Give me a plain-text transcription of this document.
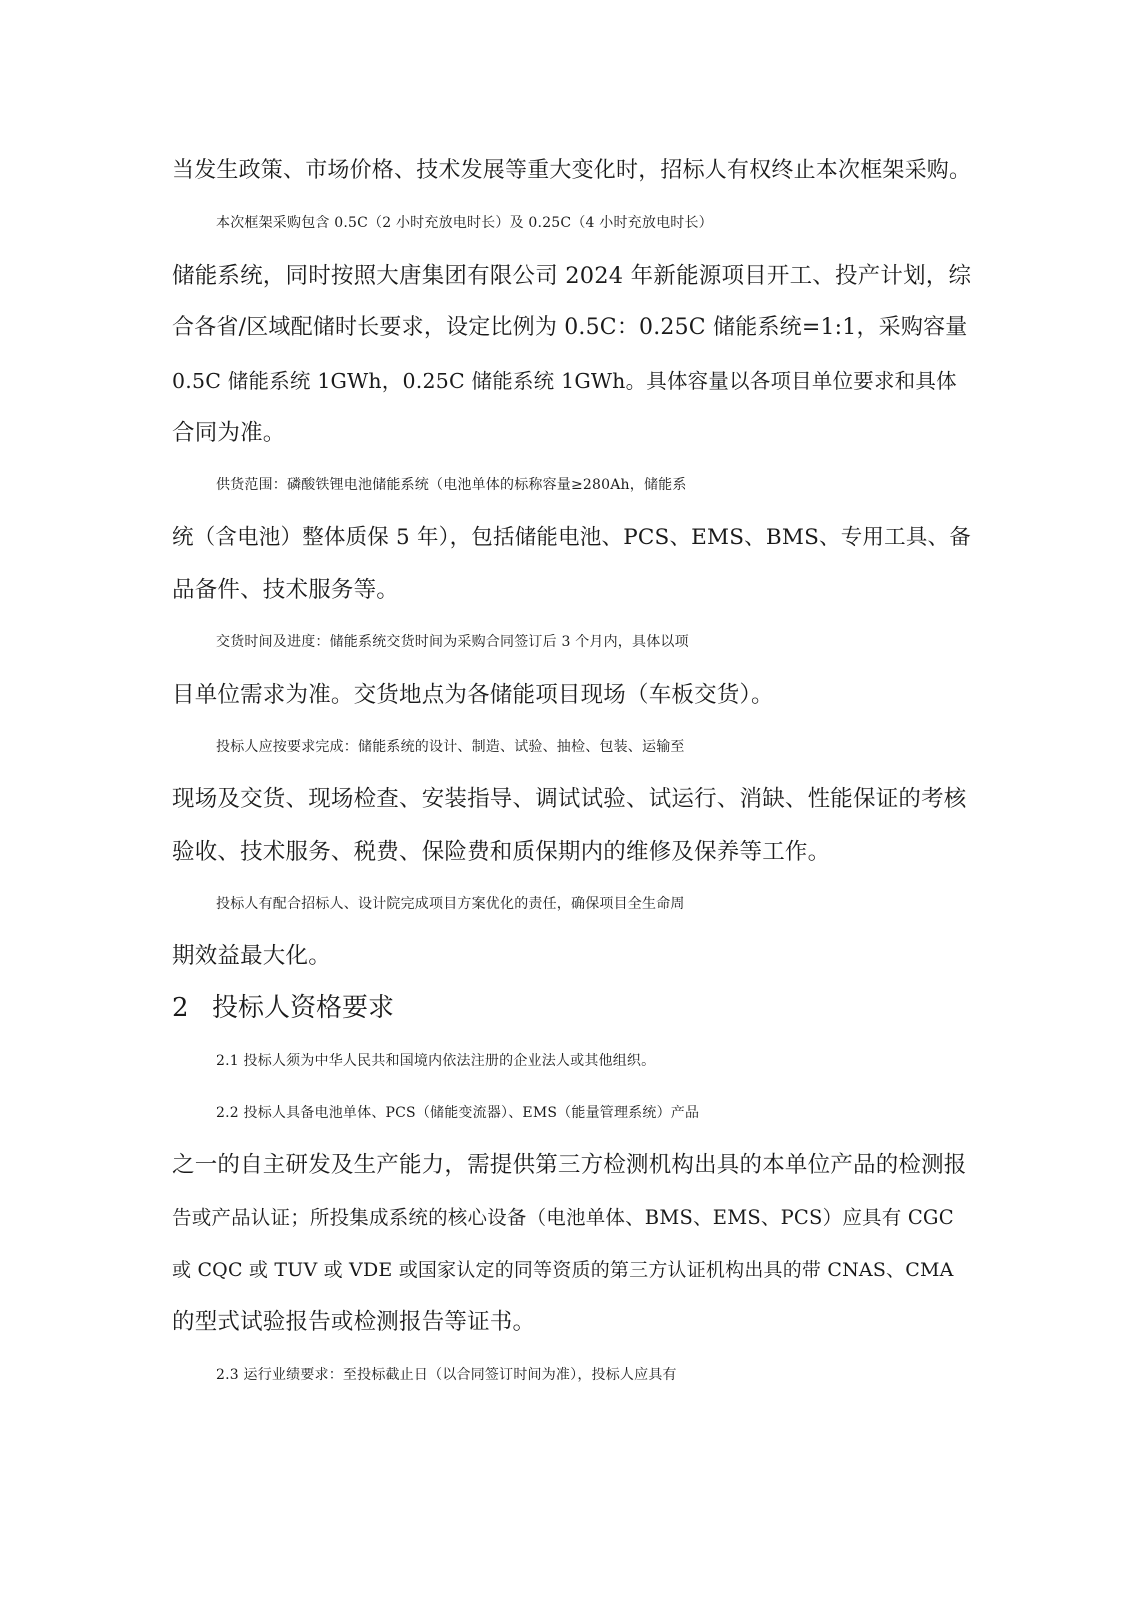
当发生政策、市场价格、技术发展等重大变化时，招标人有权终止本次框架采购。
本次框架采购包含 0.5C（2 小时充放电时长）及 0.25C（4 小时充放电时长）
储能系统，同时按照大唐集团有限公司 2024 年新能源项目开工、投产计划，综
合各省/区域配储时长要求，设定比例为 0.5C：0.25C 储能系统=1:1，采购容量
0.5C 储能系统 1GWh，0.25C 储能系统 1GWh。具体容量以各项目单位要求和具体
合同为准。
供货范围：磷酸铁锂电池储能系统（电池单体的标称容量≥280Ah，储能系
统（含电池）整体质保 5 年），包括储能电池、PCS、EMS、BMS、专用工具、备
品备件、技术服务等。
交货时间及进度：储能系统交货时间为采购合同签订后 3 个月内，具体以项
目单位需求为准。交货地点为各储能项目现场（车板交货）。
投标人应按要求完成：储能系统的设计、制造、试验、抽检、包装、运输至
现场及交货、现场检查、安装指导、调试试验、试运行、消缺、性能保证的考核
验收、技术服务、税费、保险费和质保期内的维修及保养等工作。
投标人有配合招标人、设计院完成项目方案优化的责任，确保项目全生命周
期效益最大化。
2 投标人资格要求
2.1 投标人须为中华人民共和国境内依法注册的企业法人或其他组织。
2.2 投标人具备电池单体、PCS（储能变流器）、EMS（能量管理系统）产品
之一的自主研发及生产能力，需提供第三方检测机构出具的本单位产品的检测报
告或产品认证；所投集成系统的核心设备（电池单体、BMS、EMS、PCS）应具有 CGC
或 CQC 或 TUV 或 VDE 或国家认定的同等资质的第三方认证机构出具的带 CNAS、CMA
的型式试验报告或检测报告等证书。
2.3 运行业绩要求：至投标截止日（以合同签订时间为准），投标人应具有
